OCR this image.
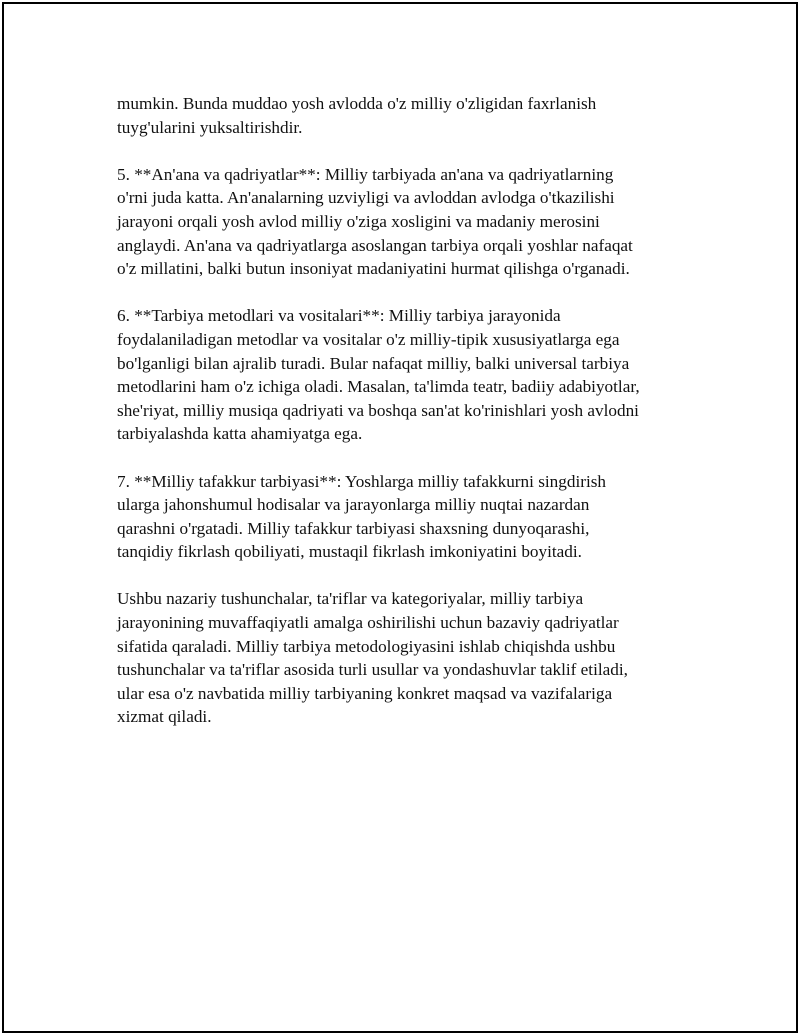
mumkin. Bunda muddao yosh avlodda o'z milliy o'zligidan faxrlanish
tuyg'ularini yuksaltirishdir.

5. **An'ana va qadriyatlar**: Milliy tarbiyada an'ana va qadriyatlarning
o'rni juda katta. An'analarning uzviyligi va avloddan avlodga o'tkazilishi
jarayoni orqali yosh avlod milliy o'ziga xosligini va madaniy merosini
anglaydi. An'ana va qadriyatlarga asoslangan tarbiya orqali yoshlar nafaqat
o'z millatini, balki butun insoniyat madaniyatini hurmat qilishga o'rganadi.

6. **Tarbiya metodlari va vositalari**: Milliy tarbiya jarayonida
foydalaniladigan metodlar va vositalar o'z milliy-tipik xususiyatlarga ega
bo'lganligi bilan ajralib turadi. Bular nafaqat milliy, balki universal tarbiya
metodlarini ham o'z ichiga oladi. Masalan, ta'limda teatr, badiiy adabiyotlar,
she'riyat, milliy musiqa qadriyati va boshqa san'at ko'rinishlari yosh avlodni
tarbiyalashda katta ahamiyatga ega.

7. **Milliy tafakkur tarbiyasi**: Yoshlarga milliy tafakkurni singdirish
ularga jahonshumul hodisalar va jarayonlarga milliy nuqtai nazardan
qarashni o'rgatadi. Milliy tafakkur tarbiyasi shaxsning dunyoqarashi,
tanqidiy fikrlash qobiliyati, mustaqil fikrlash imkoniyatini boyitadi.

Ushbu nazariy tushunchalar, ta'riflar va kategoriyalar, milliy tarbiya
jarayonining muvaffaqiyatli amalga oshirilishi uchun bazaviy qadriyatlar
sifatida qaraladi. Milliy tarbiya metodologiyasini ishlab chiqishda ushbu
tushunchalar va ta'riflar asosida turli usullar va yondashuvlar taklif etiladi,
ular esa o'z navbatida milliy tarbiyaning konkret maqsad va vazifalariga
xizmat qiladi.
